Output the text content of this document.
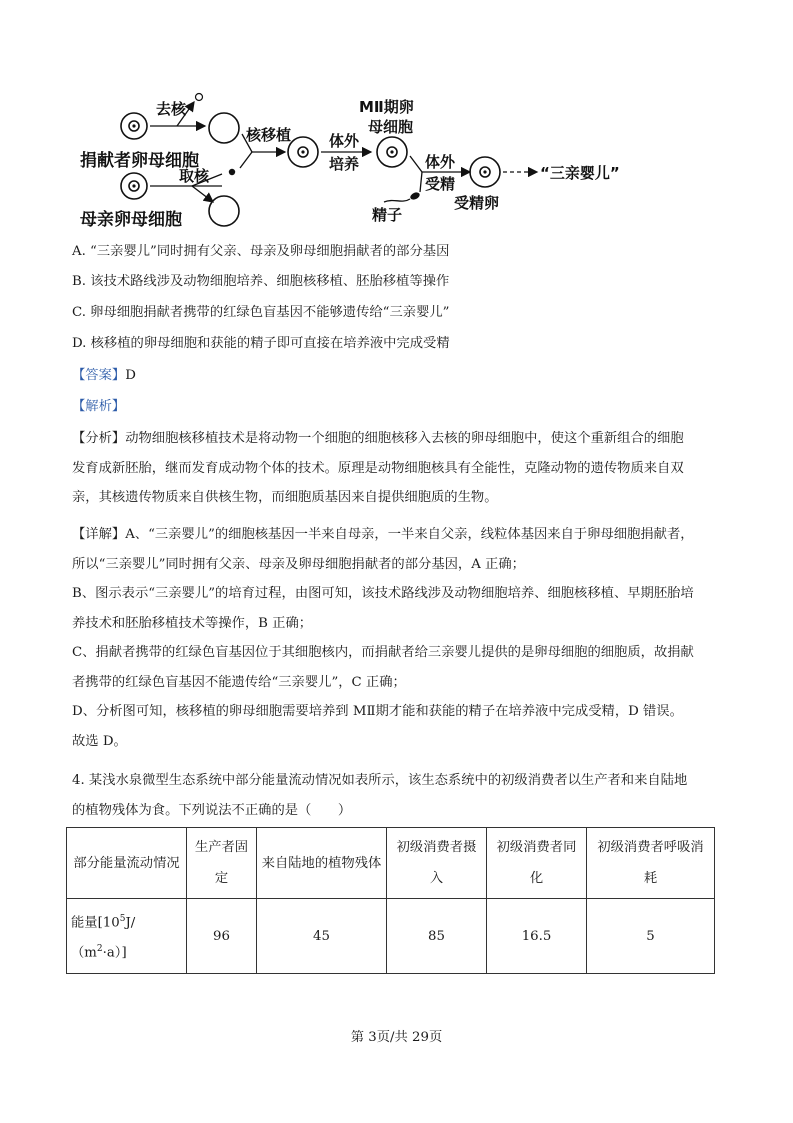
去核
取核
核移植	体外
培养
MⅡ期卵
母细胞
精子
体外
受精
受精卵
“三亲婴儿”
捐献者卵母细胞
母亲卵母细胞
A. “三亲婴儿”同时拥有父亲、母亲及卵母细胞捐献者的部分基因
B. 该技术路线涉及动物细胞培养、细胞核移植、胚胎移植等操作
C. 卵母细胞捐献者携带的红绿色盲基因不能够遗传给“三亲婴儿”
D. 核移植的卵母细胞和获能的精子即可直接在培养液中完成受精
【答案】D
【解析】
【分析】动物细胞核移植技术是将动物一个细胞的细胞核移入去核的卵母细胞中，使这个重新组合的细胞
发育成新胚胎，继而发育成动物个体的技术。原理是动物细胞核具有全能性，克隆动物的遗传物质来自双
亲，其核遗传物质来自供核生物，而细胞质基因来自提供细胞质的生物。
【详解】A、“三亲婴儿”的细胞核基因一半来自母亲，一半来自父亲，线粒体基因来自于卵母细胞捐献者，
所以“三亲婴儿”同时拥有父亲、母亲及卵母细胞捐献者的部分基因，A 正确；
B、图示表示“三亲婴儿”的培育过程，由图可知，该技术路线涉及动物细胞培养、细胞核移植、早期胚胎培
养技术和胚胎移植技术等操作，B 正确；
C、捐献者携带的红绿色盲基因位于其细胞核内，而捐献者给三亲婴儿提供的是卵母细胞的细胞质，故捐献
者携带的红绿色盲基因不能遗传给“三亲婴儿”，C 正确；
D、分析图可知，核移植的卵母细胞需要培养到 MⅡ期才能和获能的精子在培养液中完成受精，D 错误。
故选 D。
4. 某浅水泉微型生态系统中部分能量流动情况如表所示，该生态系统中的初级消费者以生产者和来自陆地
的植物残体为食。下列说法不正确的是（　　）
部分能量流动情况	生产者固定	来自陆地的植物残体	初级消费者摄入	初级消费者同化	初级消费者呼吸消耗
能量$[10^5J/(m^2\cdot a)]$	96	45	85	16.5	5
第 3页/共 29页
